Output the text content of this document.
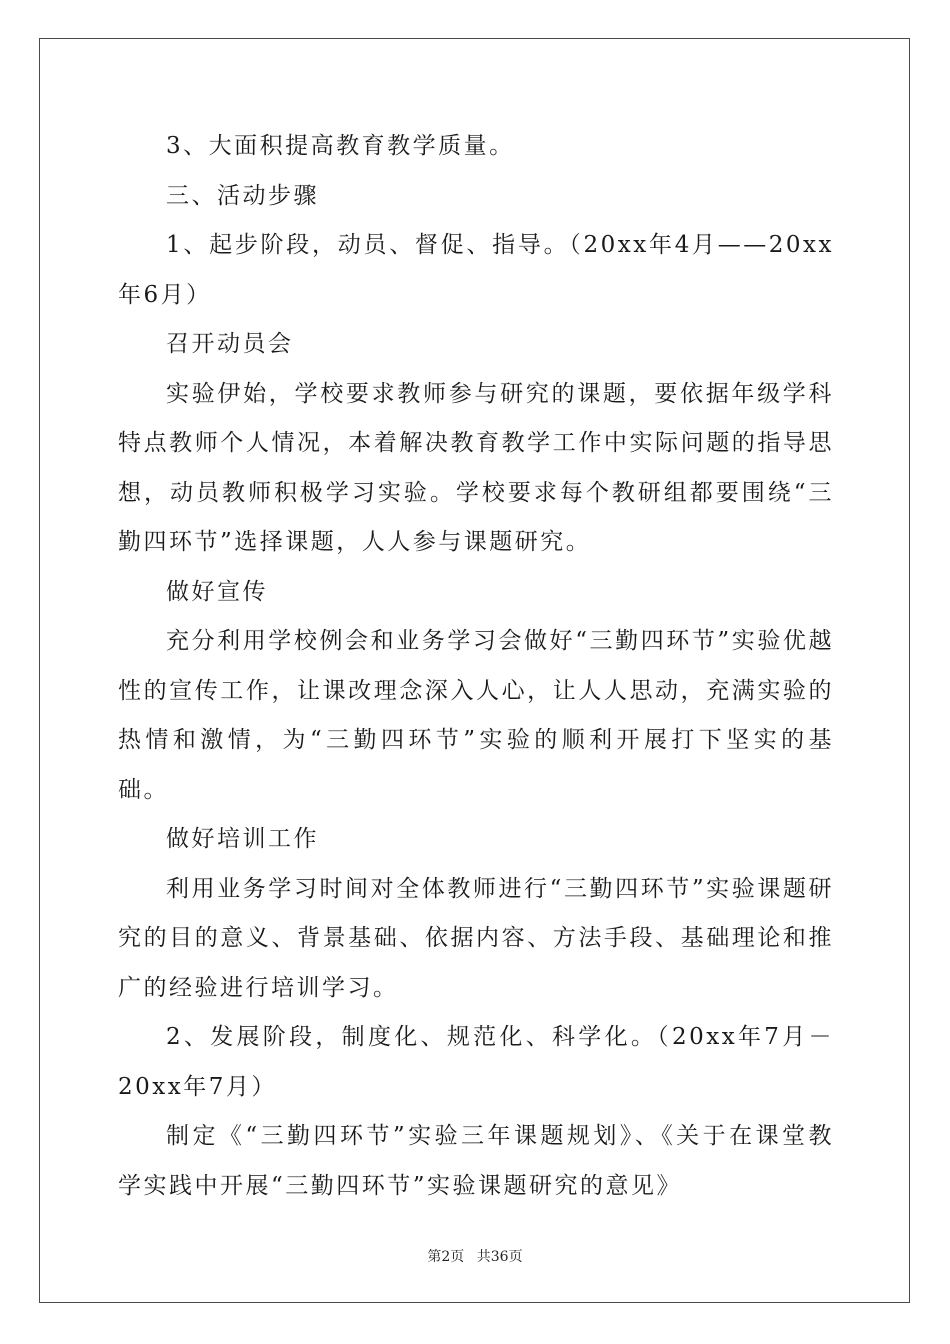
3、大面积提高教育教学质量。

三、活动步骤

1、起步阶段，动员、督促、指导。（20xx年4月——20xx年6月）

召开动员会

实验伊始，学校要求教师参与研究的课题，要依据年级学科特点教师个人情况，本着解决教育教学工作中实际问题的指导思想，动员教师积极学习实验。学校要求每个教研组都要围绕“三勤四环节”选择课题，人人参与课题研究。

做好宣传

充分利用学校例会和业务学习会做好“三勤四环节”实验优越性的宣传工作，让课改理念深入人心，让人人思动，充满实验的热情和激情，为“三勤四环节”实验的顺利开展打下坚实的基础。

做好培训工作

利用业务学习时间对全体教师进行“三勤四环节”实验课题研究的目的意义、背景基础、依据内容、方法手段、基础理论和推广的经验进行培训学习。

2、发展阶段，制度化、规范化、科学化。（20xx年7月－20xx年7月）

制定《“三勤四环节”实验三年课题规划》、《关于在课堂教学实践中开展“三勤四环节”实验课题研究的意见》

第2页 共36页
